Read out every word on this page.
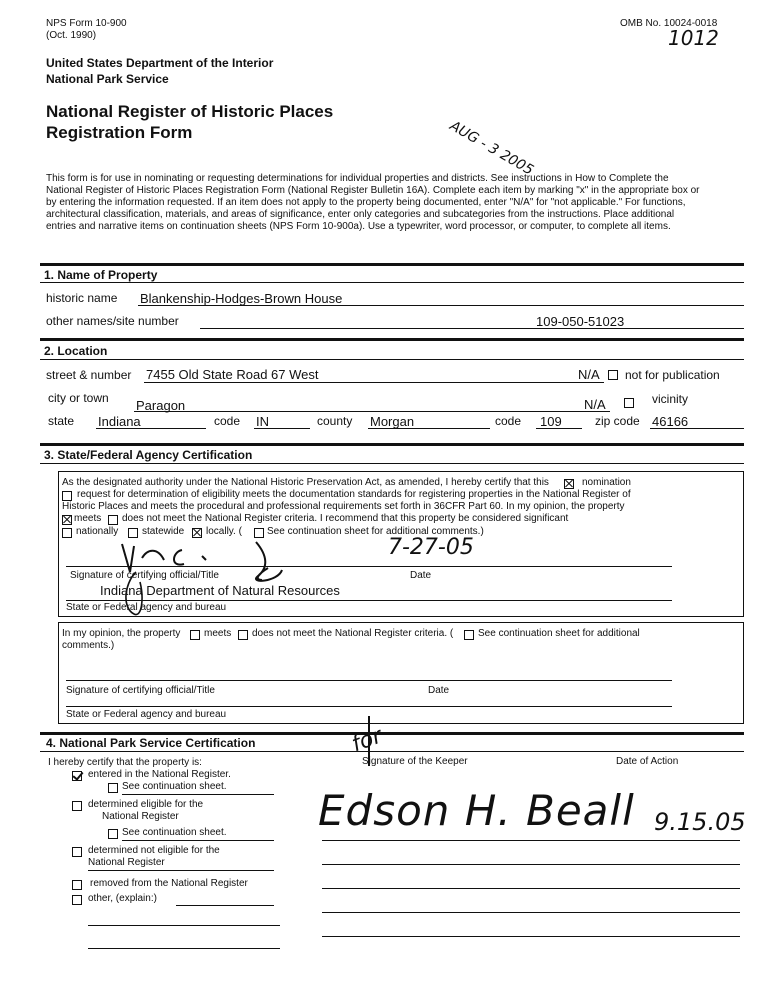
NPS Form 10-900
(Oct. 1990)
OMB No. 10024-0018
1012
United States Department of the Interior
National Park Service
National Register of Historic Places
Registration Form	AUG - 3 2005
This form is for use in nominating or requesting determinations for individual properties and districts. See instructions in How to Complete the
National Register of Historic Places Registration Form (National Register Bulletin 16A). Complete each item by marking "x" in the appropriate box or
by entering the information requested. If an item does not apply to the property being documented, enter "N/A" for "not applicable." For functions,
architectural classification, materials, and areas of significance, enter only categories and subcategories from the instructions. Place additional
entries and narrative items on continuation sheets (NPS Form 10-900a). Use a typewriter, word processor, or computer, to complete all items.
1. Name of Property
historic name Blankenship-Hodges-Brown House
other names/site number	109-050-51023
2. Location
street & number 7455 Old State Road 67 West	N/A not for publication
city or town Paragon	N/A	vicinity
state Indiana	code IN	county Morgan	code 109	zip code 46166
3. State/Federal Agency Certification
As the designated authority under the National Historic Preservation Act, as amended, I hereby certify that this	nomination
request for determination of eligibility meets the documentation standards for registering properties in the National Register of
Historic Places and meets the procedural and professional requirements set forth in 36CFR Part 60. In my opinion, the property
meets does not meet the National Register criteria. I recommend that this property be considered significant
nationally statewide locally. (	See continuation sheet for additional comments.)
7-27-05
Signature of certifying official/Title	Date
Indiana Department of Natural Resources
State or Federal agency and bureau
In my opinion, the property meets does not meet the National Register criteria. ( See continuation sheet for additional
comments.)
Signature of certifying official/Title	Date
State or Federal agency and bureau
4. National Park Service Certification
I hereby certify that the property is:
entered in the National Register.
See continuation sheet.
determined eligible for the
National Register
See continuation sheet.
determined not eligible for the
National Register
removed from the National Register
other, (explain:)
Signature of the Keeper	Date of Action
for
Edson H. Beall 9.15.05
